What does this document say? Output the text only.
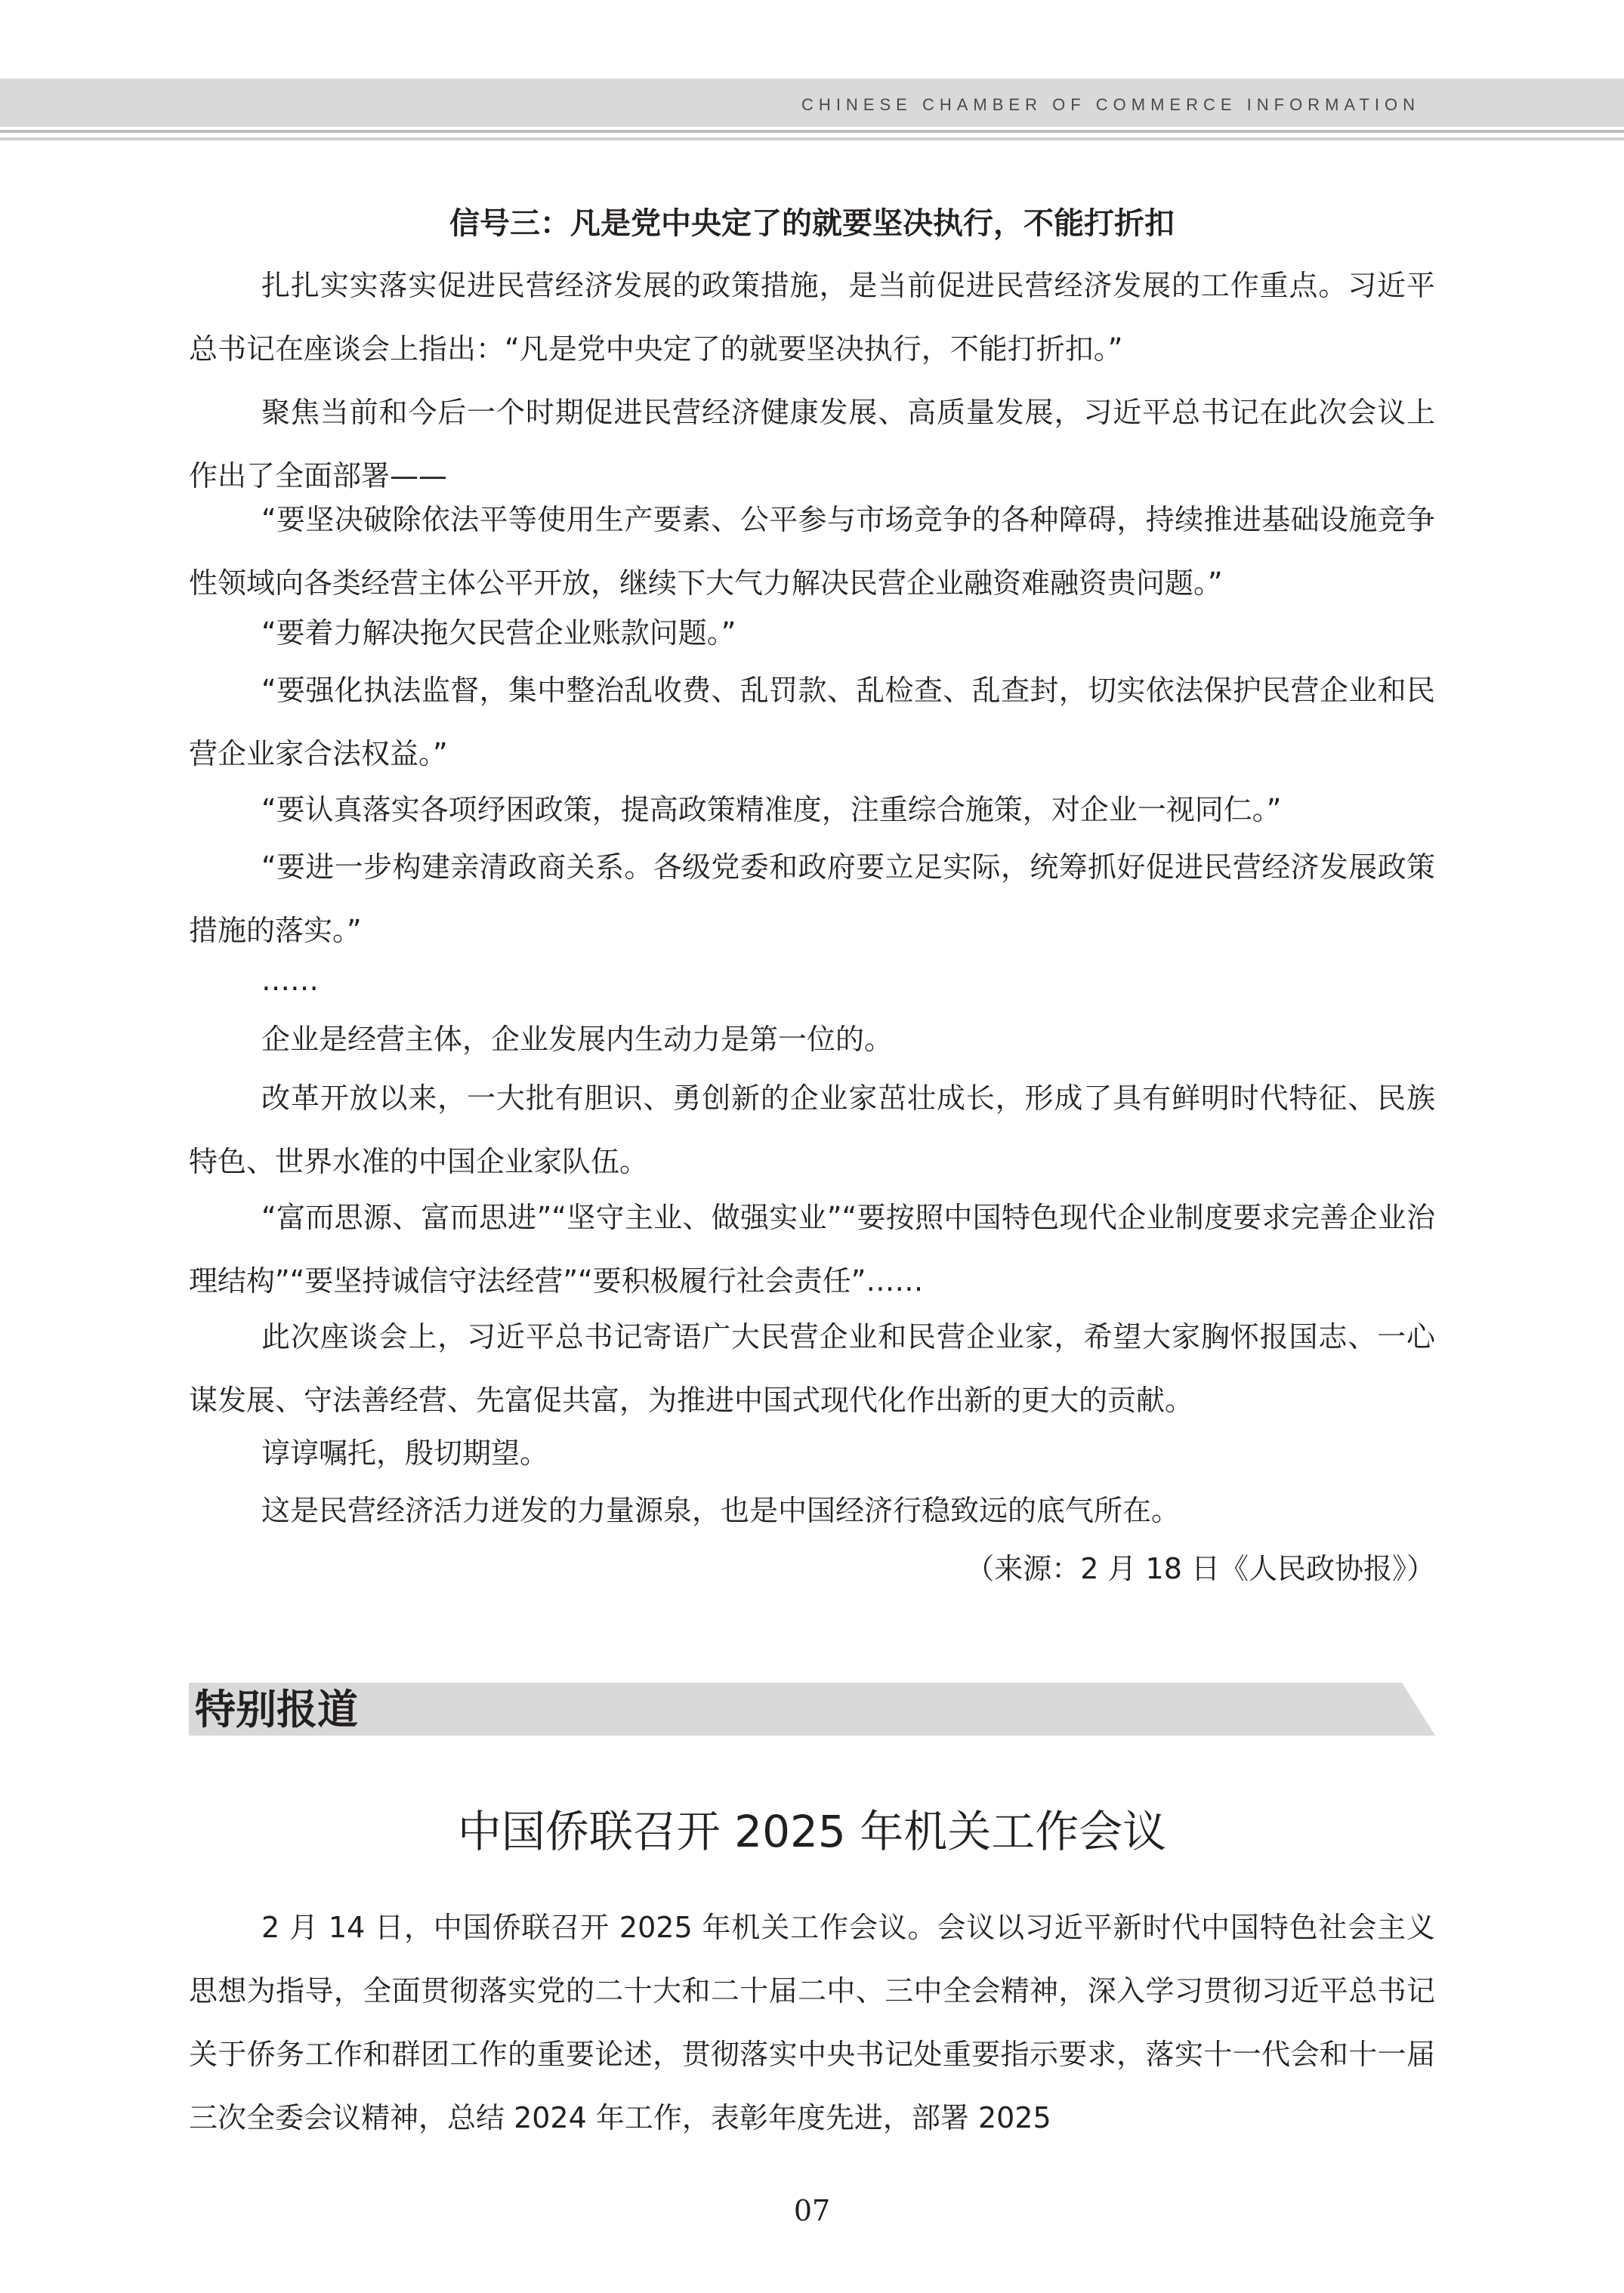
CHINESE CHAMBER OF COMMERCE INFORMATION
信号三：凡是党中央定了的就要坚决执行，不能打折扣
扎扎实实落实促进民营经济发展的政策措施，是当前促进民营经济发展的工作重点。习近平总书记在座谈会上指出：“凡是党中央定了的就要坚决执行，不能打折扣。”
聚焦当前和今后一个时期促进民营经济健康发展、高质量发展，习近平总书记在此次会议上作出了全面部署——
“要坚决破除依法平等使用生产要素、公平参与市场竞争的各种障碍，持续推进基础设施竞争性领域向各类经营主体公平开放，继续下大气力解决民营企业融资难融资贵问题。”
“要着力解决拖欠民营企业账款问题。”
“要强化执法监督，集中整治乱收费、乱罚款、乱检查、乱查封，切实依法保护民营企业和民营企业家合法权益。”
“要认真落实各项纾困政策，提高政策精准度，注重综合施策，对企业一视同仁。”
“要进一步构建亲清政商关系。各级党委和政府要立足实际，统筹抓好促进民营经济发展政策措施的落实。”
……
企业是经营主体，企业发展内生动力是第一位的。
改革开放以来，一大批有胆识、勇创新的企业家茁壮成长，形成了具有鲜明时代特征、民族特色、世界水准的中国企业家队伍。
“富而思源、富而思进”“坚守主业、做强实业”“要按照中国特色现代企业制度要求完善企业治理结构”“要坚持诚信守法经营”“要积极履行社会责任”……
此次座谈会上，习近平总书记寄语广大民营企业和民营企业家，希望大家胸怀报国志、一心谋发展、守法善经营、先富促共富，为推进中国式现代化作出新的更大的贡献。
谆谆嘱托，殷切期望。
这是民营经济活力迸发的力量源泉，也是中国经济行稳致远的底气所在。
（来源：2 月 18 日《人民政协报》）
特别报道
中国侨联召开 2025 年机关工作会议
2 月 14 日，中国侨联召开 2025 年机关工作会议。会议以习近平新时代中国特色社会主义思想为指导，全面贯彻落实党的二十大和二十届二中、三中全会精神，深入学习贯彻习近平总书记关于侨务工作和群团工作的重要论述，贯彻落实中央书记处重要指示要求，落实十一代会和十一届三次全委会议精神，总结 2024 年工作，表彰年度先进，部署 2025
07
